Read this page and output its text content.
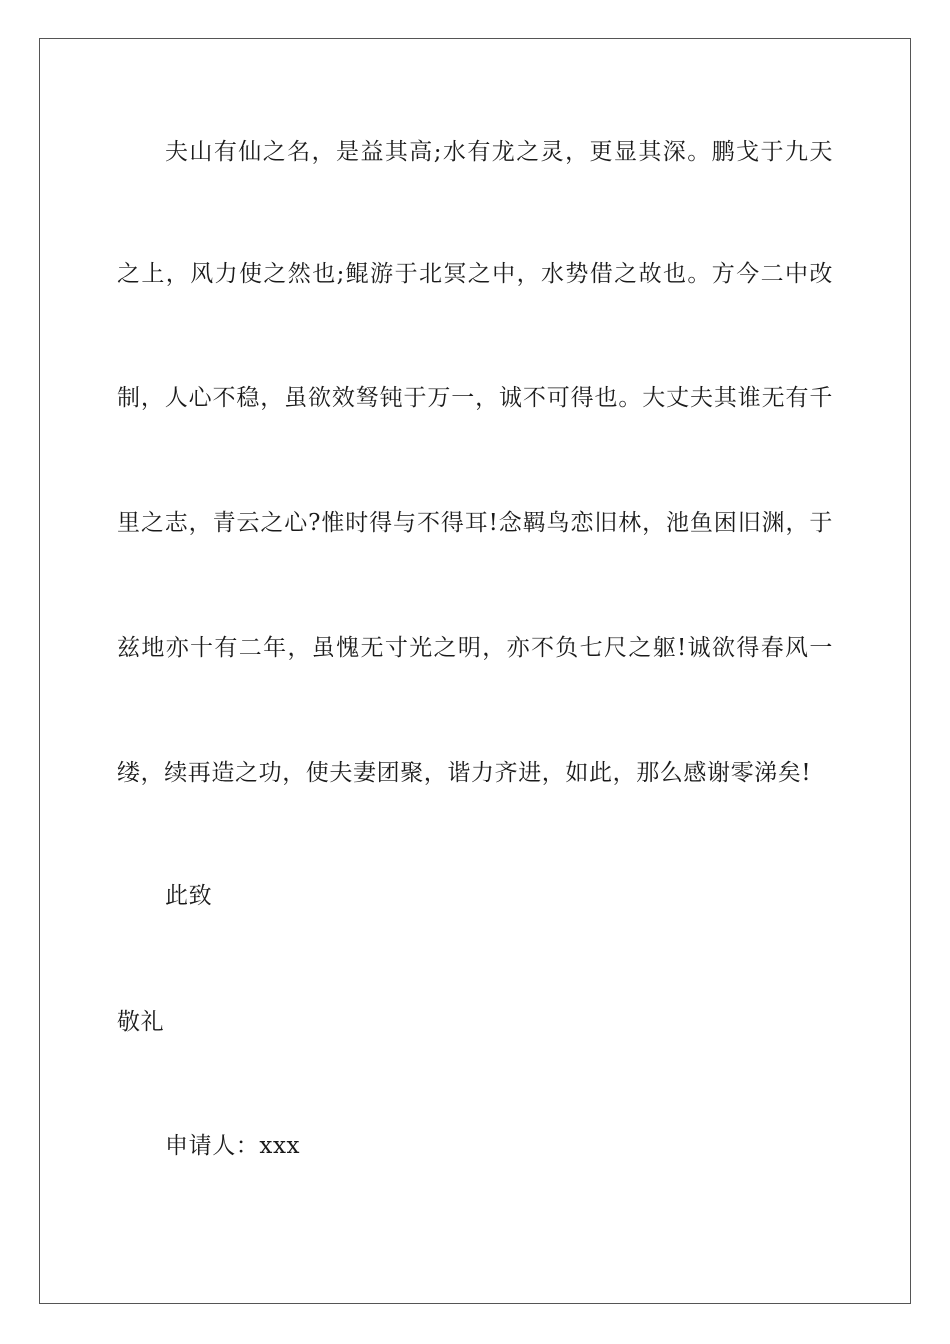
夫山有仙之名，是益其高;水有龙之灵，更显其深。鹏戈于九天
之上，风力使之然也;鲲游于北冥之中，水势借之故也。方今二中改
制，人心不稳，虽欲效驽钝于万一，诚不可得也。大丈夫其谁无有千
里之志，青云之心?惟时得与不得耳!念羁鸟恋旧林，池鱼困旧渊，于
兹地亦十有二年，虽愧无寸光之明，亦不负七尺之躯!诚欲得春风一
缕，续再造之功，使夫妻团聚，谐力齐进，如此，那么感谢零涕矣!
此致
敬礼
申请人：xxx
